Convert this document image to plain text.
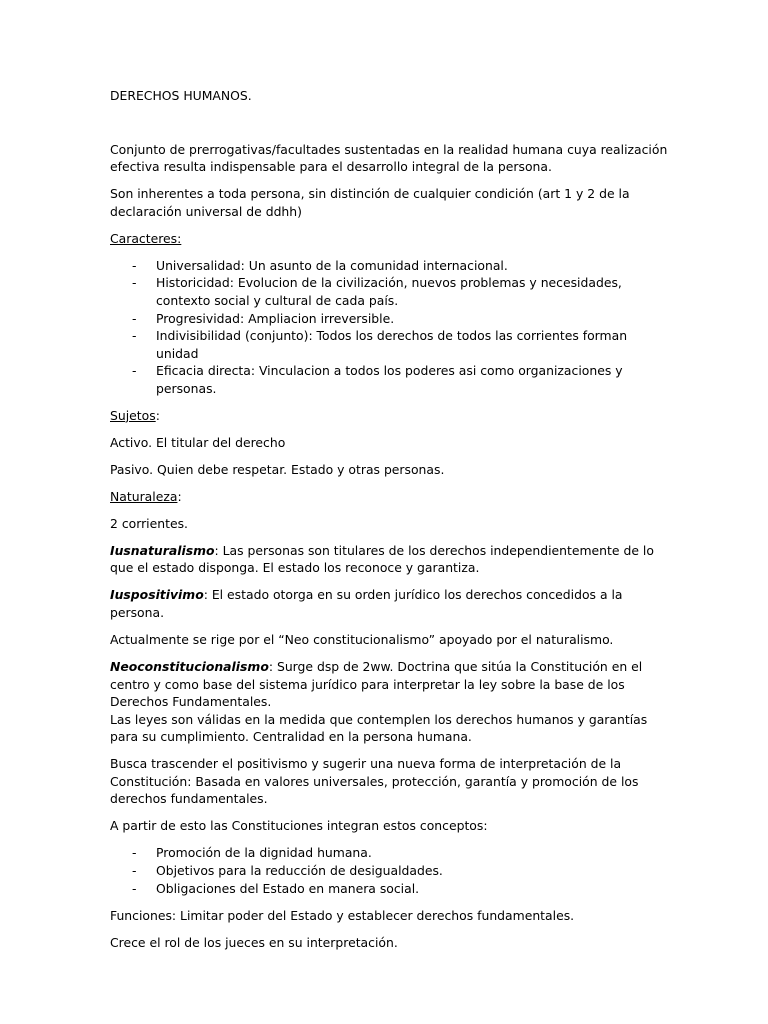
DERECHOS HUMANOS.

Conjunto de prerrogativas/facultades sustentadas en la realidad humana cuya realización efectiva resulta indispensable para el desarrollo integral de la persona.

Son inherentes a toda persona, sin distinción de cualquier condición (art 1 y 2 de la declaración universal de ddhh)

Caracteres:

- Universalidad: Un asunto de la comunidad internacional.
- Historicidad: Evolucion de la civilización, nuevos problemas y necesidades, contexto social y cultural de cada país.
- Progresividad: Ampliacion irreversible.
- Indivisibilidad (conjunto): Todos los derechos de todos las corrientes forman unidad
- Eficacia directa: Vinculacion a todos los poderes asi como organizaciones y personas.

Sujetos:

Activo. El titular del derecho

Pasivo. Quien debe respetar. Estado y otras personas.

Naturaleza:

2 corrientes.

Iusnaturalismo: Las personas son titulares de los derechos independientemente de lo que el estado disponga. El estado los reconoce y garantiza.

Iuspositivimo: El estado otorga en su orden jurídico los derechos concedidos a la persona.

Actualmente se rige por el “Neo constitucionalismo” apoyado por el naturalismo.

Neoconstitucionalismo: Surge dsp de 2ww. Doctrina que sitúa la Constitución en el centro y como base del sistema jurídico para interpretar la ley sobre la base de los Derechos Fundamentales.
Las leyes son válidas en la medida que contemplen los derechos humanos y garantías para su cumplimiento. Centralidad en la persona humana.

Busca trascender el positivismo y sugerir una nueva forma de interpretación de la Constitución: Basada en valores universales, protección, garantía y promoción de los derechos fundamentales.

A partir de esto las Constituciones integran estos conceptos:

- Promoción de la dignidad humana.
- Objetivos para la reducción de desigualdades.
- Obligaciones del Estado en manera social.

Funciones: Limitar poder del Estado y establecer derechos fundamentales.

Crece el rol de los jueces en su interpretación.
